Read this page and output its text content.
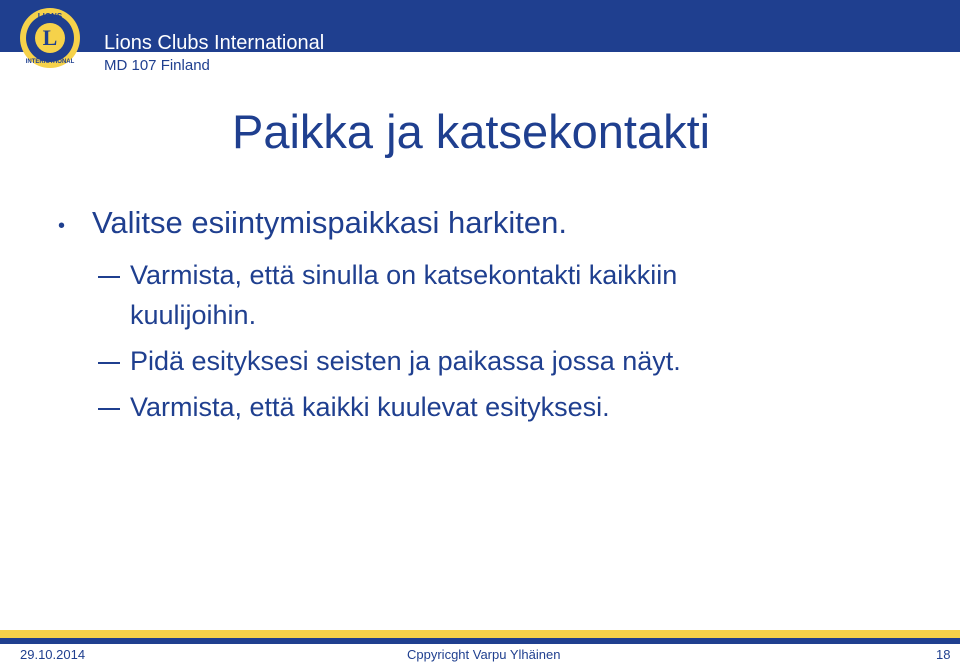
L
LIONS
INTERNATIONAL
Lions Clubs International
MD 107 Finland
Paikka ja katsekontakti
• Valitse esiintymispaikkasi harkiten.
Varmista, että sinulla on katsekontakti kaikkiin
kuulijoihin.
Pidä esityksesi seisten ja paikassa jossa näyt.
Varmista, että kaikki kuulevat esityksesi.
29.10.2014	Cppyricght Varpu Ylhäinen	18
